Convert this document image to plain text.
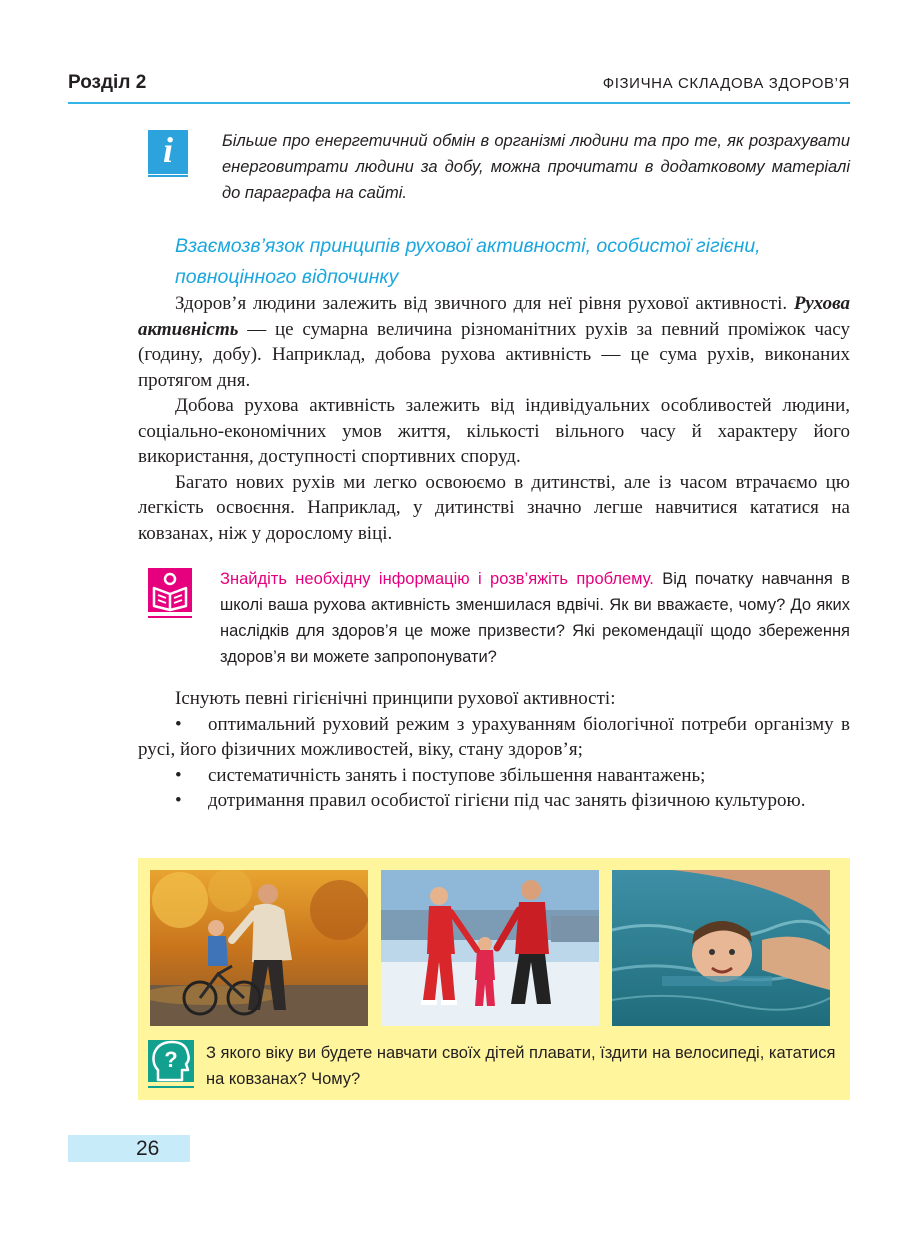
Розділ 2	ФІЗИЧНА СКЛАДОВА ЗДОРОВ’Я
i	Більше про енергетичний обмін в організмі людини та про те, як розрахувати енерговитрати людини за добу, можна прочитати в додатковому матеріалі до параграфа на сайті.
Взаємозв’язок принципів рухової активності, особистої гігієни, повноцінного відпочинку

Здоров’я людини залежить від звичного для неї рівня рухової активності. Рухова активність — це сумарна величина різноманітних рухів за певний проміжок часу (годину, добу). Наприклад, добова рухова активність — це сума рухів, виконаних протягом дня.

Добова рухова активність залежить від індивідуальних особливостей людини, соціально-економічних умов життя, кількості вільного часу й характеру його використання, доступності спортивних споруд.

Багато нових рухів ми легко освоюємо в дитинстві, але із часом втрачаємо цю легкість освоєння. Наприклад, у дитинстві значно легше навчитися кататися на ковзанах, ніж у дорослому віці.

Знайдіть необхідну інформацію і розв’яжіть проблему. Від початку навчання в школі ваша рухова активність зменшилася вдвічі. Як ви вважаєте, чому? До яких наслідків для здоров’я це може призвести? Які рекомендації щодо збереження здоров’я ви можете запропонувати?

Існують певні гігієнічні принципи рухової активності:

• оптимальний руховий режим з урахуванням біологічної потреби організму в русі, його фізичних можливостей, віку, стану здоров’я;

• систематичність занять і поступове збільшення навантажень;

• дотримання правил особистої гігієни під час занять фізичною культурою.

? З якого віку ви будете навчати своїх дітей плавати, їздити на велосипеді, кататися на ковзанах? Чому?
26
